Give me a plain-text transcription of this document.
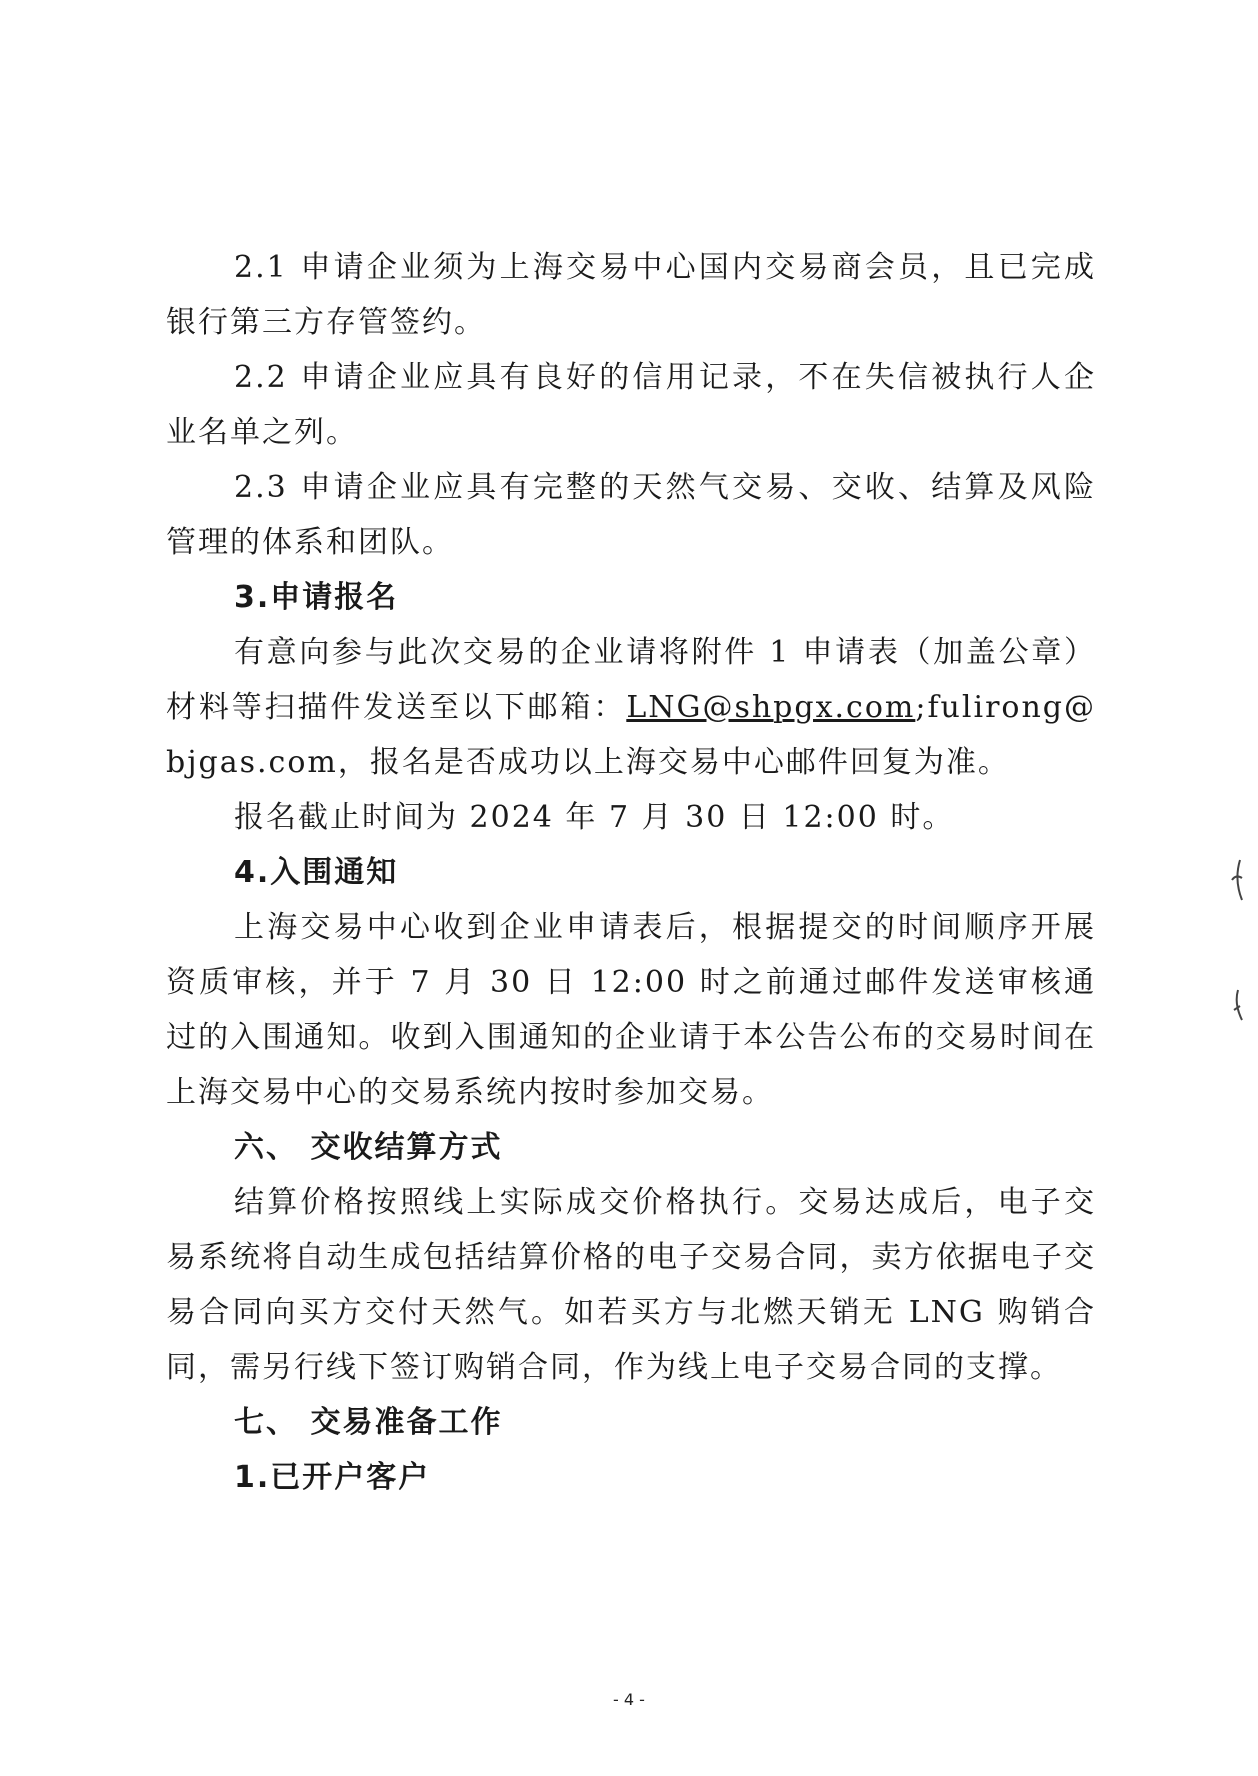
2.1 申请企业须为上海交易中心国内交易商会员，且已完成银行第三方存管签约。

2.2 申请企业应具有良好的信用记录，不在失信被执行人企业名单之列。

2.3 申请企业应具有完整的天然气交易、交收、结算及风险管理的体系和团队。

3.申请报名

有意向参与此次交易的企业请将附件 1 申请表（加盖公章）材料等扫描件发送至以下邮箱：LNG@shpgx.com;fulirong@bjgas.com，报名是否成功以上海交易中心邮件回复为准。

报名截止时间为 2024 年 7 月 30 日 12:00 时。

4.入围通知

上海交易中心收到企业申请表后，根据提交的时间顺序开展资质审核，并于 7 月 30 日 12:00 时之前通过邮件发送审核通过的入围通知。收到入围通知的企业请于本公告公布的交易时间在上海交易中心的交易系统内按时参加交易。

六、 交收结算方式

结算价格按照线上实际成交价格执行。交易达成后，电子交易系统将自动生成包括结算价格的电子交易合同，卖方依据电子交易合同向买方交付天然气。如若买方与北燃天销无 LNG 购销合同，需另行线下签订购销合同，作为线上电子交易合同的支撑。

七、 交易准备工作

1.已开户客户

- 4 -
